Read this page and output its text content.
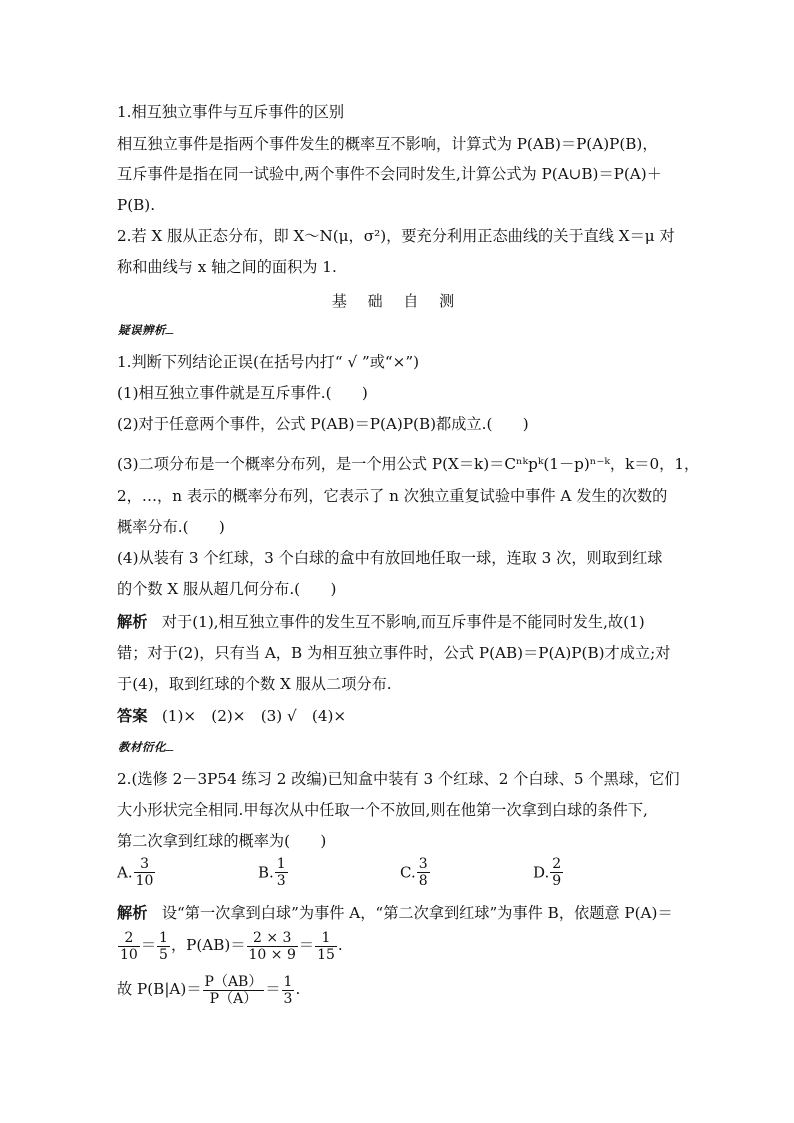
1.相互独立事件与互斥事件的区别
相互独立事件是指两个事件发生的概率互不影响，计算式为 P(AB)＝P(A)P(B)，
互斥事件是指在同一试验中,两个事件不会同时发生,计算公式为 P(A∪B)＝P(A)＋
P(B).
2.若 X 服从正态分布，即 X～N(μ，σ²)，要充分利用正态曲线的关于直线 X＝μ 对
称和曲线与 x 轴之间的面积为 1.
基 础 自 测
疑误辨析
1.判断下列结论正误(在括号内打“ √ ”或“×”)
(1)相互独立事件就是互斥事件.(　　)
(2)对于任意两个事件，公式 P(AB)＝P(A)P(B)都成立.(　　)
(3)二项分布是一个概率分布列，是一个用公式 P(X＝k)＝Cⁿᵏpᵏ(1－p)ⁿ⁻ᵏ，k＝0，1，
2，…，n 表示的概率分布列，它表示了 n 次独立重复试验中事件 A 发生的次数的
概率分布.(　　)
(4)从装有 3 个红球，3 个白球的盒中有放回地任取一球，连取 3 次，则取到红球
的个数 X 服从超几何分布.(　　)
解析 对于(1),相互独立事件的发生互不影响,而互斥事件是不能同时发生,故(1)
错；对于(2)，只有当 A，B 为相互独立事件时，公式 P(AB)＝P(A)P(B)才成立;对
于(4)，取到红球的个数 X 服从二项分布.
答案 (1)×　(2)×　(3) √　(4)×
教材衍化
2.(选修 2－3P54 练习 2 改编)已知盒中装有 3 个红球、2 个白球、5 个黑球，它们
大小形状完全相同.甲每次从中任取一个不放回,则在他第一次拿到白球的条件下,
第二次拿到红球的概率为(　　)
A. $\frac{3}{10}$	B. $\frac{1}{3}$	C. $\frac{3}{8}$	D. $\frac{2}{9}$
解析 设“第一次拿到白球”为事件 A，“第二次拿到红球”为事件 B，依题意 P(A)＝
$\frac{2}{10} = \frac{1}{5}$ ，$P(AB)= \frac{2 \times 3}{10 \times 9} = \frac{1}{15}$ .
故 $P(B|A)= \frac{P(AB)}{P(A)} = \frac{1}{3}$ .
